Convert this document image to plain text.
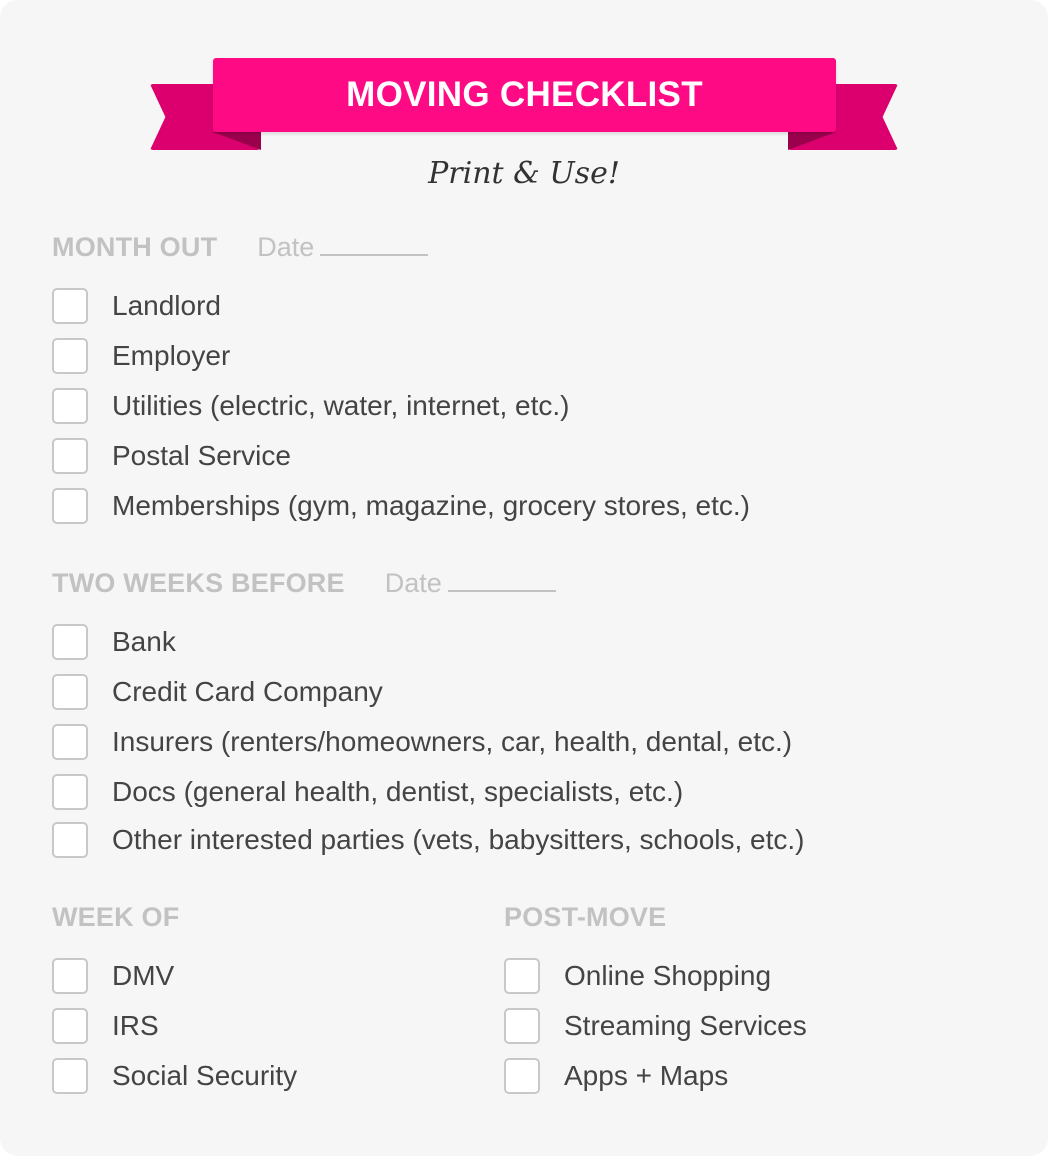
MOVING CHECKLIST
Print & Use!
MONTH OUT Date
Landlord
Employer
Utilities (electric, water, internet, etc.)
Postal Service
Memberships (gym, magazine, grocery stores, etc.)
TWO WEEKS BEFORE Date
Bank
Credit Card Company
Insurers (renters/homeowners, car, health, dental, etc.)
Docs (general health, dentist, specialists, etc.)
Other interested parties (vets, babysitters, schools, etc.)
WEEK OF
DMV
IRS
Social Security
POST-MOVE
Online Shopping
Streaming Services
Apps + Maps
